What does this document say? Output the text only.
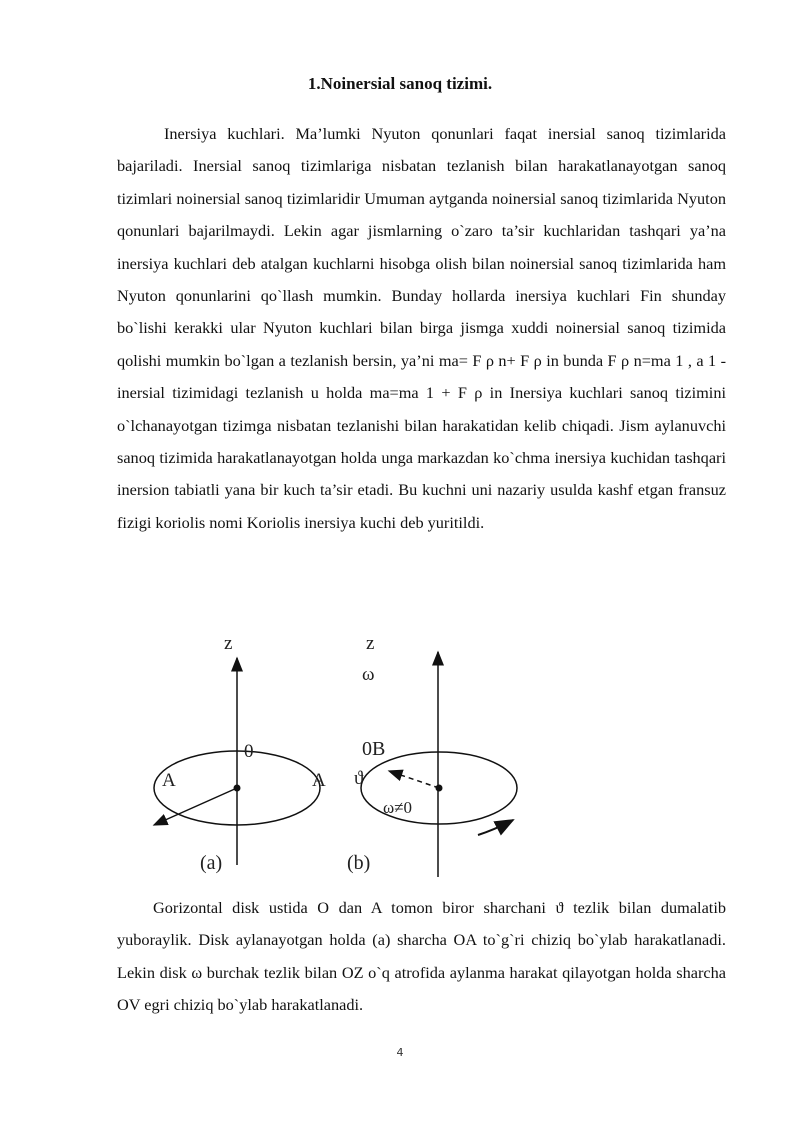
1.Noinersial sanoq tizimi.

Inersiya kuchlari. Ma’lumki Nyuton qonunlari faqat inersial sanoq tizimlarida bajariladi. Inersial sanoq tizimlariga nisbatan tezlanish bilan harakatlanayotgan sanoq tizimlari noinersial sanoq tizimlaridir Umuman aytganda noinersial sanoq tizimlarida Nyuton qonunlari bajarilmaydi. Lekin agar jismlarning o`zaro ta’sir kuchlaridan tashqari ya’na inersiya kuchlari deb atalgan kuchlarni hisobga olish bilan noinersial sanoq tizimlarida ham Nyuton qonunlarini qo`llash mumkin. Bunday hollarda inersiya kuchlari Fin shunday bo`lishi kerakki ular Nyuton kuchlari bilan birga jismga xuddi noinersial sanoq tizimida qolishi mumkin bo`lgan a tezlanish bersin, ya’ni ma= F ρ n+ F ρ in bunda F ρ n=ma 1 , a 1 - inersial tizimidagi tezlanish u holda ma=ma 1 + F ρ in Inersiya kuchlari sanoq tizimini o`lchanayotgan tizimga nisbatan tezlanishi bilan harakatidan kelib chiqadi. Jism aylanuvchi sanoq tizimida harakatlanayotgan holda unga markazdan ko`chma inersiya kuchidan tashqari inersion tabiatli yana bir kuch ta’sir etadi. Bu kuchni uni nazariy usulda kashf etgan fransuz fizigi koriolis nomi Koriolis inersiya kuchi deb yuritildi.

z
0
A	A
(a)
z
ω
0B
ϑ
ω≠0
(b)

Gorizontal disk ustida O dan A tomon biror sharchani ϑ tezlik bilan dumalatib yuboraylik. Disk aylanayotgan holda (a) sharcha OA to`g`ri chiziq bo`ylab harakatlanadi. Lekin disk ω burchak tezlik bilan OZ o`q atrofida aylanma harakat qilayotgan holda sharcha OV egri chiziq bo`ylab harakatlanadi.

4
